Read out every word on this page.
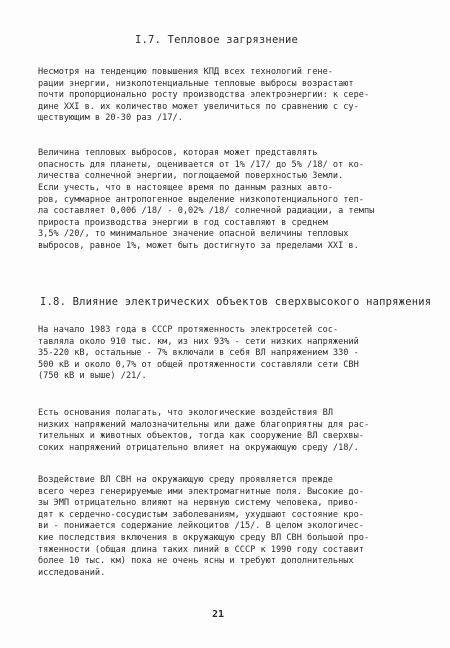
I.7. Тепловое загрязнение
Несмотря на тенденцию повышения КПД всех технологий гене-
рации энергии, низкопотенциальные тепловые выбросы возрастают
почти пропорционально росту производства электроэнергии: к сере-
дине XXI в. их количество может увеличиться по сравнению с су-
ществующим в 20-30 раз /17/.
Величина тепловых выбросов, которая может представлять
опасность для планеты, оценивается от 1% /17/ до 5% /18/ от ко-
личества солнечной энергии, поглощаемой поверхностью Земли.
Если учесть, что в настоящее время по данным разных авто-
ров, суммарное антропогенное выделение низкопотенциального теп-
ла составляет 0,006 /18/ - 0,02% /18/ солнечной радиации, а темпы
прироста производства энергии в год составляют в среднем
3,5% /20/, то минимальное значение опасной величины тепловых
выбросов, равное 1%, может быть достигнуто за пределами XXI в.
I.8. Влияние электрических объектов сверхвысокого напряжения
На начало 1983 года в СССР протяженность электросетей сос-
тавляла около 910 тыс. км, из них 93% - сети низких напряжений
35-220 кВ, остальные - 7% включали в себя ВЛ напряжением 330 -
500 кВ и около 0,7% от общей протяженности составляли сети СВН
(750 кВ и выше) /21/.
Есть основания полагать, что экологические воздействия ВЛ
низких напряжений малозначительны или даже благоприятны для рас-
тительных и животных объектов, тогда как сооружение ВЛ сверхвы-
соких напряжений отрицательно влияет на окружающую среду /18/.
Воздействие ВЛ СВН на окружающую среду проявляется прежде
всего через генерируемые ими электромагнитные поля. Высокие до-
зы ЭМП отрицательно влияют на нервную систему человека, приво-
дят к сердечно-сосудистым заболеваниям, ухудшают состояние кро-
ви - понижается содержание лейкоцитов /15/. В целом экологичес-
кие последствия включения в окружающую среду ВЛ СВН большой про-
тяженности (общая длина таких линий в СССР к 1990 году составит
более 10 тыс. км) пока не очень ясны и требуют дополнительных
исследований.
21
